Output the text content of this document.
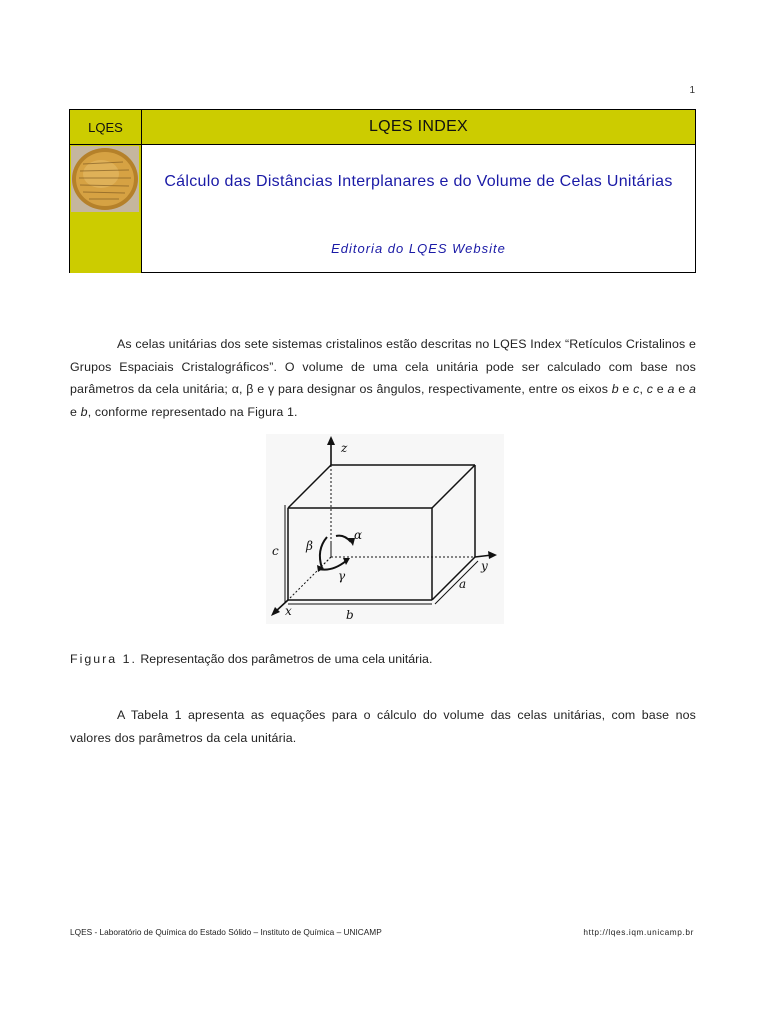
1
LQES	LQES INDEX
Cálculo das Distâncias Interplanares e do Volume de Celas Unitárias
Editoria do LQES Website

As celas unitárias dos sete sistemas cristalinos estão descritas no LQES Index “Retículos Cristalinos e Grupos Espaciais Cristalográficos”. O volume de uma cela unitária pode ser calculado com base nos parâmetros da cela unitária; α, β e γ para designar os ângulos, respectivamente, entre os eixos b e c, c e a e a e b, conforme representado na Figura 1.

z
y
x
a
b
c
α
β
γ
Figura 1. Representação dos parâmetros de uma cela unitária.

A Tabela 1 apresenta as equações para o cálculo do volume das celas unitárias, com base nos valores dos parâmetros da cela unitária.

LQES - Laboratório de Química do Estado Sólido – Instituto de Química – UNICAMP	http://lqes.iqm.unicamp.br
